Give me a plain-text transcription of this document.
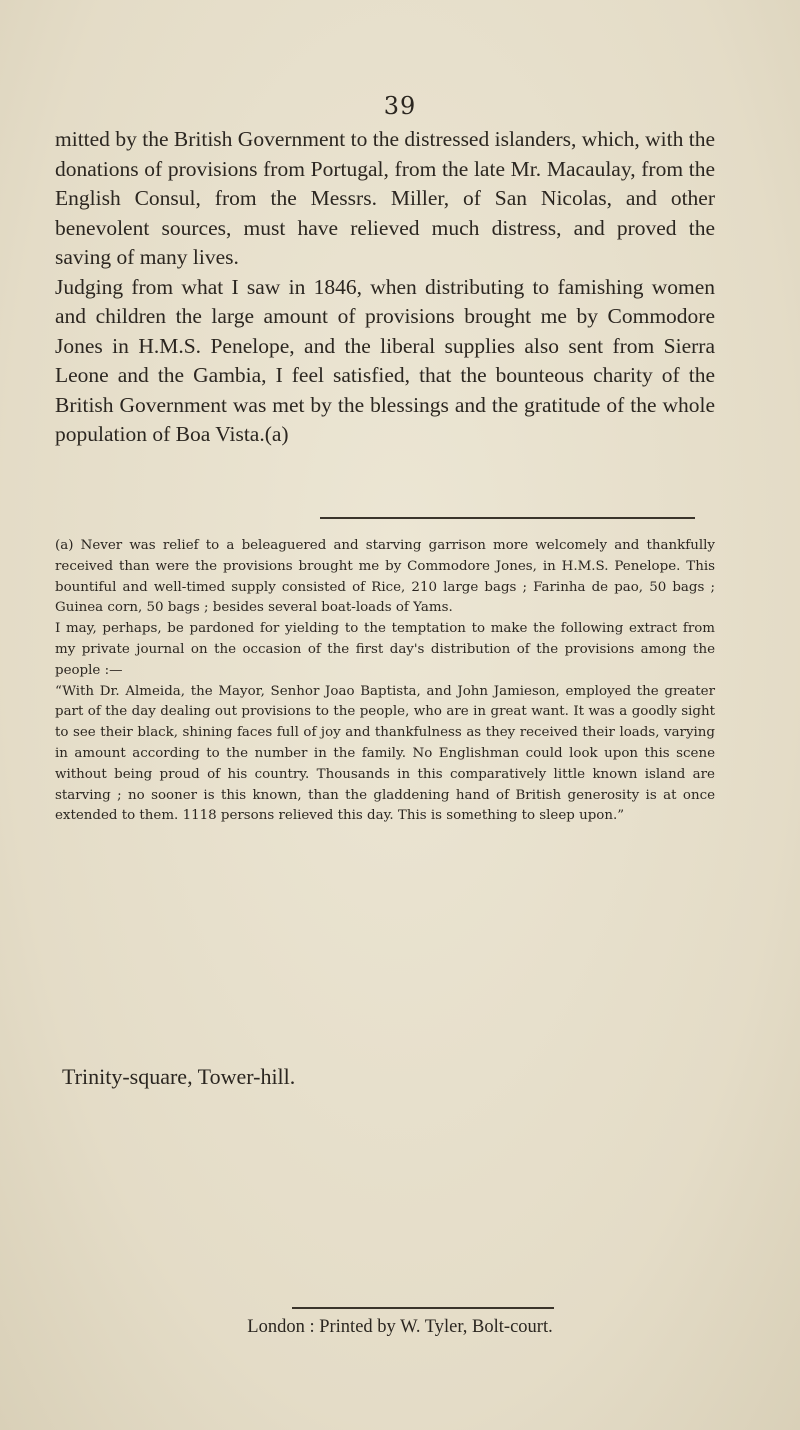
39

mitted by the British Government to the distressed islanders, which, with the donations of provisions from Portugal, from the late Mr. Macaulay, from the English Consul, from the Messrs. Miller, of San Nicolas, and other benevolent sources, must have relieved much distress, and proved the saving of many lives.

Judging from what I saw in 1846, when distributing to famishing women and children the large amount of provisions brought me by Commodore Jones in H.M.S. Penelope, and the liberal supplies also sent from Sierra Leone and the Gambia, I feel satisfied, that the bounteous charity of the British Government was met by the blessings and the gratitude of the whole population of Boa Vista.(a)

(a) Never was relief to a beleaguered and starving garrison more welcomely and thankfully received than were the provisions brought me by Commodore Jones, in H.M.S. Penelope. This bountiful and well-timed supply consisted of Rice, 210 large bags ; Farinha de pao, 50 bags ; Guinea corn, 50 bags ; besides several boat-loads of Yams.

I may, perhaps, be pardoned for yielding to the temptation to make the following extract from my private journal on the occasion of the first day's distribution of the provisions among the people :—

“With Dr. Almeida, the Mayor, Senhor Joao Baptista, and John Jamieson, employed the greater part of the day dealing out provisions to the people, who are in great want. It was a goodly sight to see their black, shining faces full of joy and thankfulness as they received their loads, varying in amount according to the number in the family. No Englishman could look upon this scene without being proud of his country. Thousands in this comparatively little known island are starving ; no sooner is this known, than the gladdening hand of British generosity is at once extended to them. 1118 persons relieved this day. This is something to sleep upon.”

Trinity-square, Tower-hill.
London : Printed by W. Tyler, Bolt-court.
